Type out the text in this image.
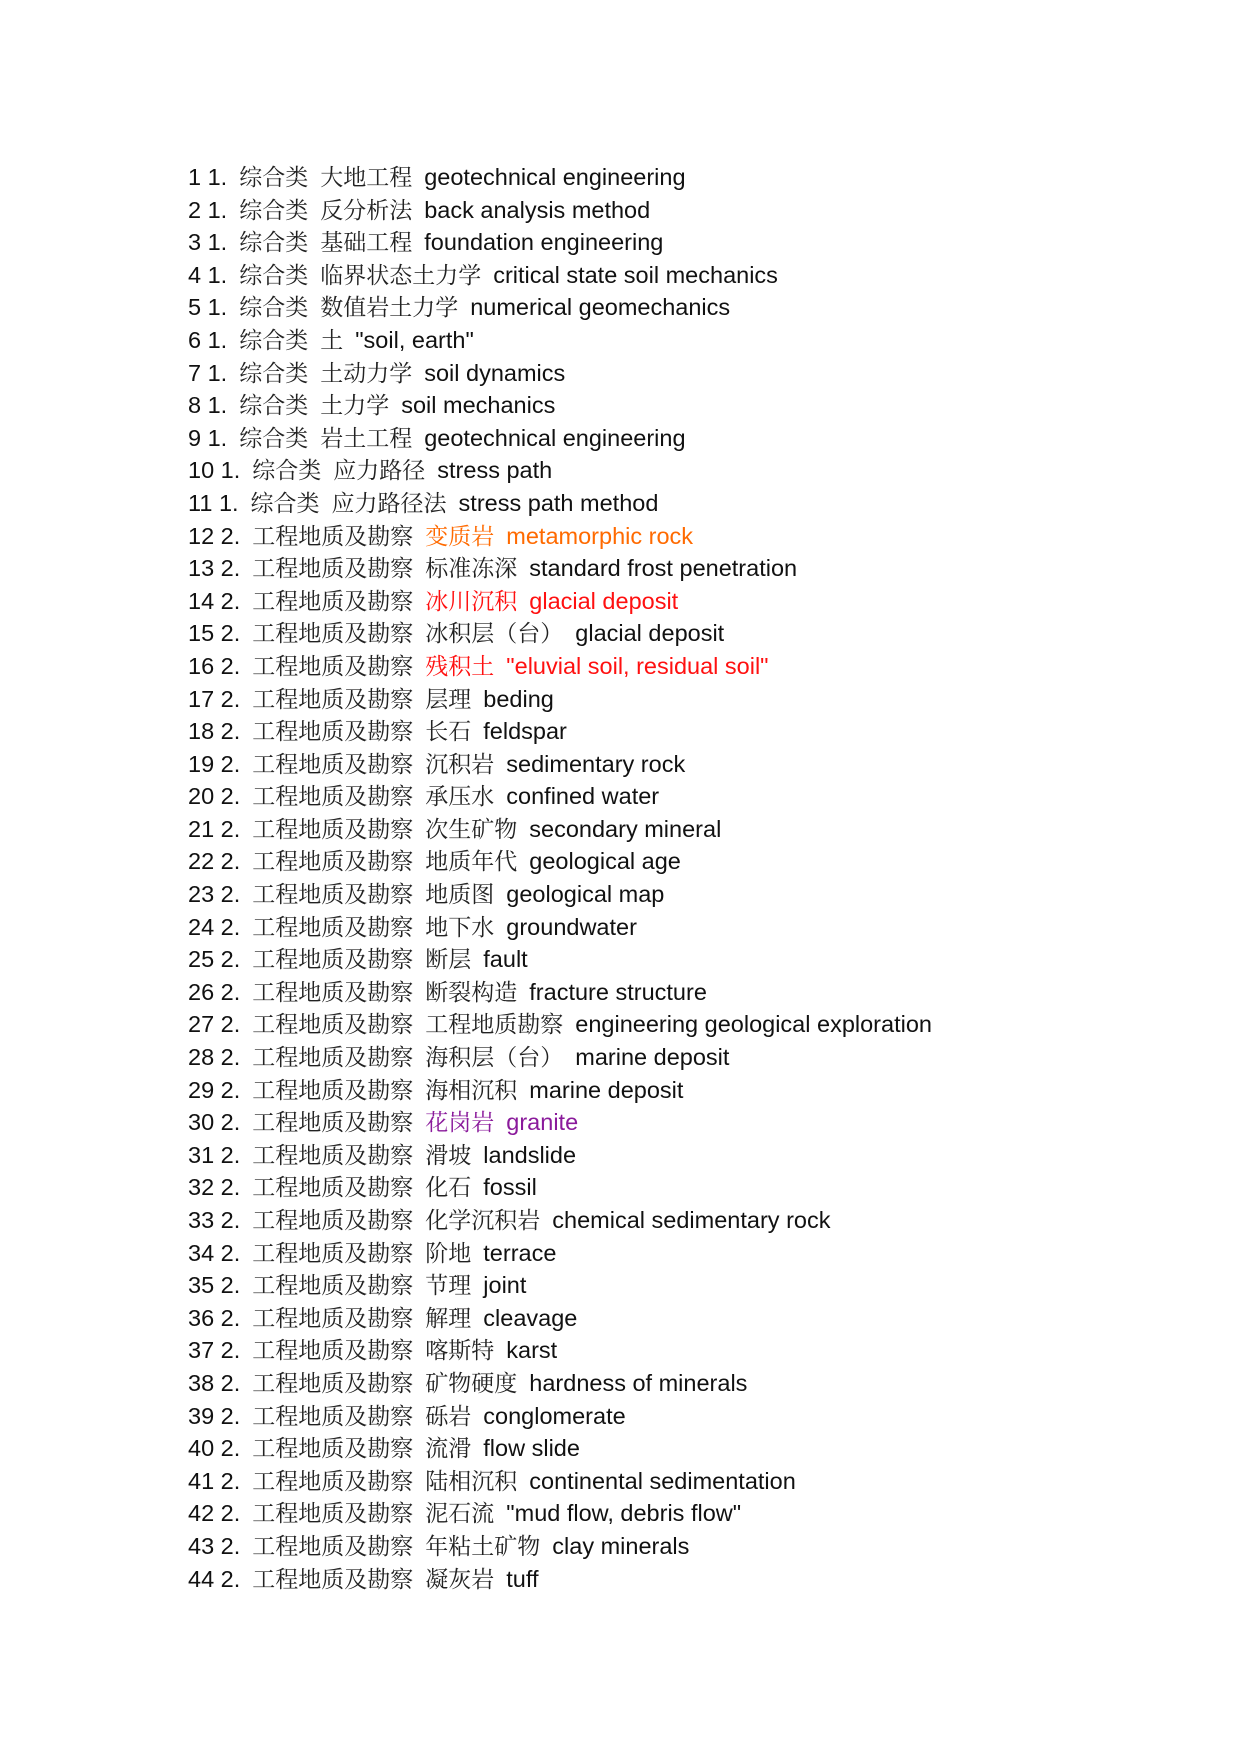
1 1. 综合类 大地工程 geotechnical engineering
2 1. 综合类 反分析法 back analysis method
3 1. 综合类 基础工程 foundation engineering
4 1. 综合类 临界状态土力学 critical state soil mechanics
5 1. 综合类 数值岩土力学 numerical geomechanics
6 1. 综合类 土 "soil, earth"
7 1. 综合类 土动力学 soil dynamics
8 1. 综合类 土力学 soil mechanics
9 1. 综合类 岩土工程 geotechnical engineering
10 1. 综合类 应力路径 stress path
11 1. 综合类 应力路径法 stress path method
12 2. 工程地质及勘察 变质岩 metamorphic rock
13 2. 工程地质及勘察 标准冻深 standard frost penetration
14 2. 工程地质及勘察 冰川沉积 glacial deposit
15 2. 工程地质及勘察 冰积层（台） glacial deposit
16 2. 工程地质及勘察 残积土 "eluvial soil, residual soil"
17 2. 工程地质及勘察 层理 beding
18 2. 工程地质及勘察 长石 feldspar
19 2. 工程地质及勘察 沉积岩 sedimentary rock
20 2. 工程地质及勘察 承压水 confined water
21 2. 工程地质及勘察 次生矿物 secondary mineral
22 2. 工程地质及勘察 地质年代 geological age
23 2. 工程地质及勘察 地质图 geological map
24 2. 工程地质及勘察 地下水 groundwater
25 2. 工程地质及勘察 断层 fault
26 2. 工程地质及勘察 断裂构造 fracture structure
27 2. 工程地质及勘察 工程地质勘察 engineering geological exploration
28 2. 工程地质及勘察 海积层（台） marine deposit
29 2. 工程地质及勘察 海相沉积 marine deposit
30 2. 工程地质及勘察 花岗岩 granite
31 2. 工程地质及勘察 滑坡 landslide
32 2. 工程地质及勘察 化石 fossil
33 2. 工程地质及勘察 化学沉积岩 chemical sedimentary rock
34 2. 工程地质及勘察 阶地 terrace
35 2. 工程地质及勘察 节理 joint
36 2. 工程地质及勘察 解理 cleavage
37 2. 工程地质及勘察 喀斯特 karst
38 2. 工程地质及勘察 矿物硬度 hardness of minerals
39 2. 工程地质及勘察 砾岩 conglomerate
40 2. 工程地质及勘察 流滑 flow slide
41 2. 工程地质及勘察 陆相沉积 continental sedimentation
42 2. 工程地质及勘察 泥石流 "mud flow, debris flow"
43 2. 工程地质及勘察 年粘土矿物 clay minerals
44 2. 工程地质及勘察 凝灰岩 tuff
